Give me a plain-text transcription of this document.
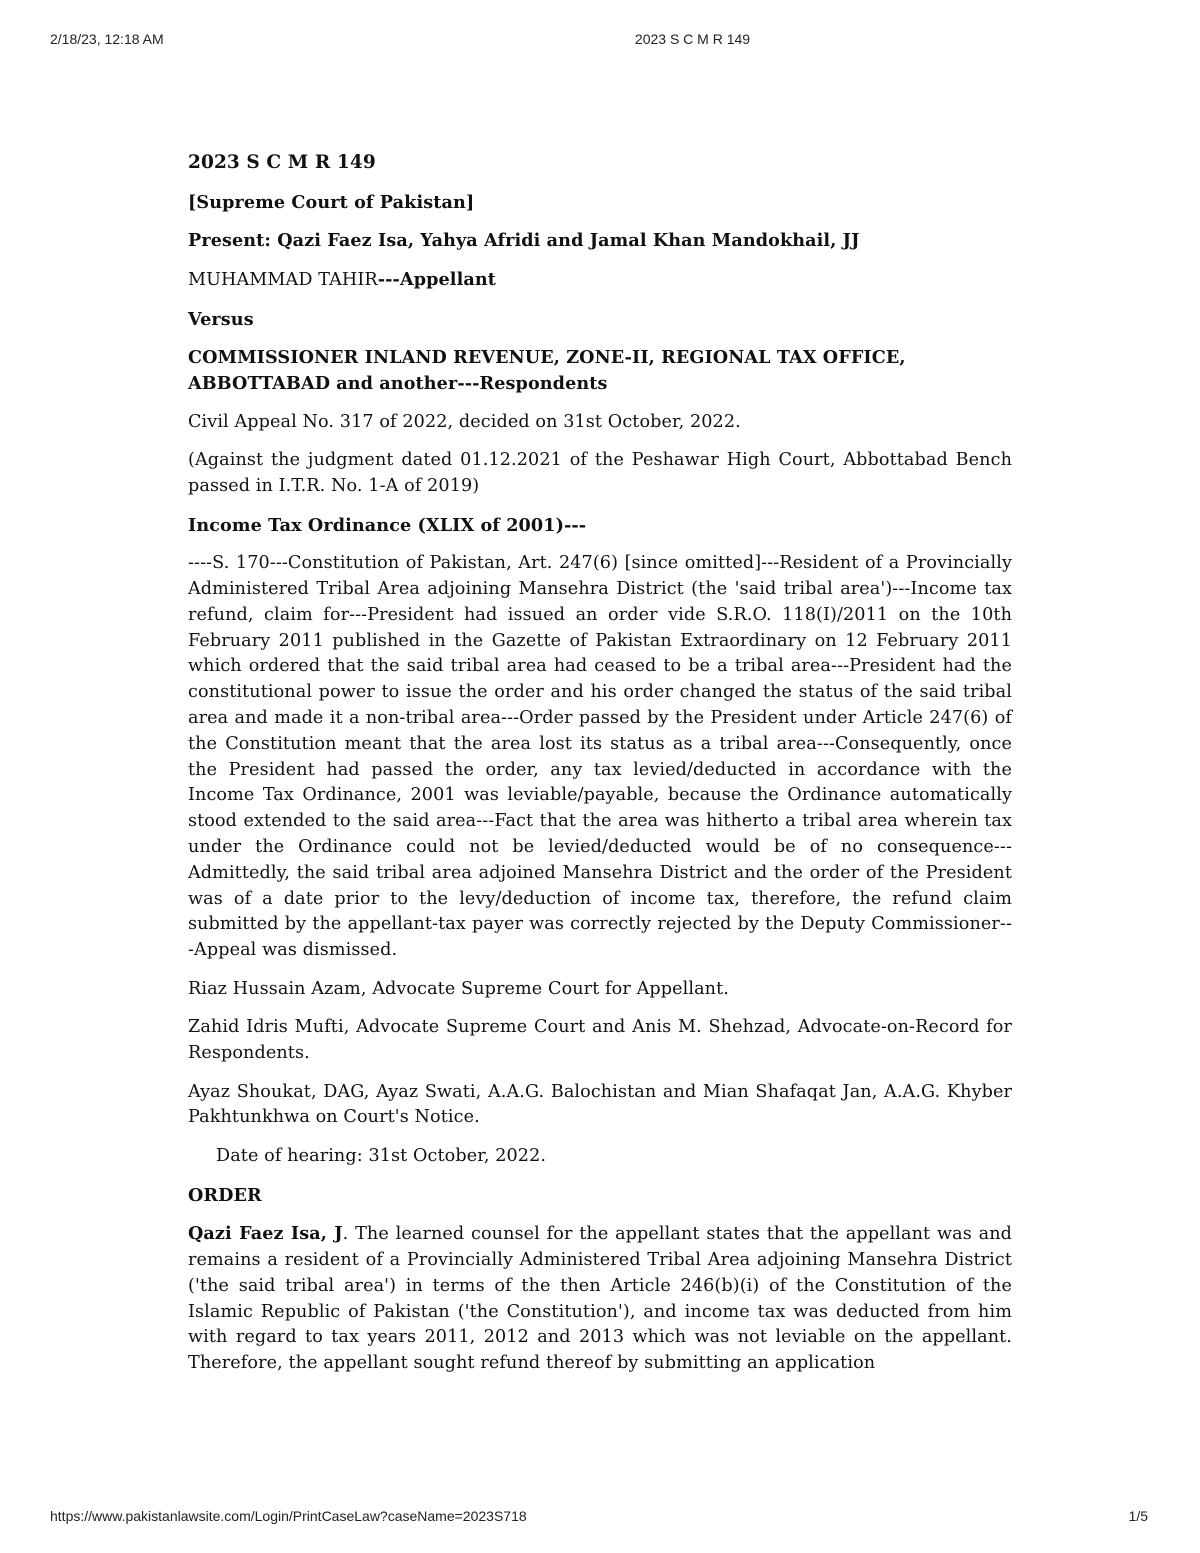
2/18/23, 12:18 AM	2023 S C M R 149

2023 S C M R 149

[Supreme Court of Pakistan]

Present: Qazi Faez Isa, Yahya Afridi and Jamal Khan Mandokhail, JJ

MUHAMMAD TAHIR---Appellant

Versus

COMMISSIONER INLAND REVENUE, ZONE-II, REGIONAL TAX OFFICE, ABBOTTABAD and another---Respondents

Civil Appeal No. 317 of 2022, decided on 31st October, 2022.

(Against the judgment dated 01.12.2021 of the Peshawar High Court, Abbottabad Bench passed in I.T.R. No. 1-A of 2019)

Income Tax Ordinance (XLIX of 2001)---

----S. 170---Constitution of Pakistan, Art. 247(6) [since omitted]---Resident of a Provincially Administered Tribal Area adjoining Mansehra District (the 'said tribal area')---Income tax refund, claim for---President had issued an order vide S.R.O. 118(I)/2011 on the 10th February 2011 published in the Gazette of Pakistan Extraordinary on 12 February 2011 which ordered that the said tribal area had ceased to be a tribal area---President had the constitutional power to issue the order and his order changed the status of the said tribal area and made it a non-tribal area---Order passed by the President under Article 247(6) of the Constitution meant that the area lost its status as a tribal area---Consequently, once the President had passed the order, any tax levied/deducted in accordance with the Income Tax Ordinance, 2001 was leviable/payable, because the Ordinance automatically stood extended to the said area---Fact that the area was hitherto a tribal area wherein tax under the Ordinance could not be levied/deducted would be of no consequence---Admittedly, the said tribal area adjoined Mansehra District and the order of the President was of a date prior to the levy/deduction of income tax, therefore, the refund claim submitted by the appellant-tax payer was correctly rejected by the Deputy Commissioner---Appeal was dismissed.

Riaz Hussain Azam, Advocate Supreme Court for Appellant.

Zahid Idris Mufti, Advocate Supreme Court and Anis M. Shehzad, Advocate-on-Record for Respondents.

Ayaz Shoukat, DAG, Ayaz Swati, A.A.G. Balochistan and Mian Shafaqat Jan, A.A.G. Khyber Pakhtunkhwa on Court's Notice.

Date of hearing: 31st October, 2022.

ORDER

Qazi Faez Isa, J. The learned counsel for the appellant states that the appellant was and remains a resident of a Provincially Administered Tribal Area adjoining Mansehra District ('the said tribal area') in terms of the then Article 246(b)(i) of the Constitution of the Islamic Republic of Pakistan ('the Constitution'), and income tax was deducted from him with regard to tax years 2011, 2012 and 2013 which was not leviable on the appellant. Therefore, the appellant sought refund thereof by submitting an application

https://www.pakistanlawsite.com/Login/PrintCaseLaw?caseName=2023S718	1/5
